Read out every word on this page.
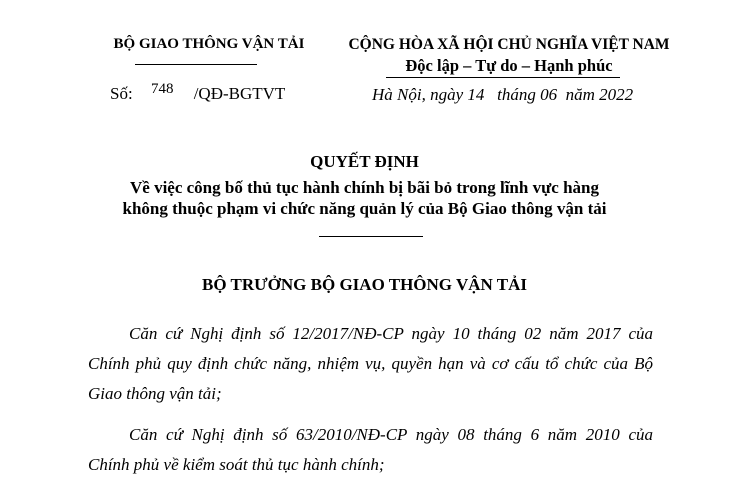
BỘ GIAO THÔNG VẬN TẢI
Số: 748 /QĐ-BGTVT
CỘNG HÒA XÃ HỘI CHỦ NGHĨA VIỆT NAM
Độc lập – Tự do – Hạnh phúc
Hà Nội, ngày 14   tháng 06  năm 2022
QUYẾT ĐỊNH
Về việc công bố thủ tục hành chính bị bãi bỏ trong lĩnh vực hàng
không thuộc phạm vi chức năng quản lý của Bộ Giao thông vận tải
BỘ TRƯỞNG BỘ GIAO THÔNG VẬN TẢI
Căn cứ Nghị định số 12/2017/NĐ-CP ngày 10 tháng 02 năm 2017 của
Chính phủ quy định chức năng, nhiệm vụ, quyền hạn và cơ cấu tổ chức của Bộ
Giao thông vận tải;
Căn cứ Nghị định số 63/2010/NĐ-CP ngày 08 tháng 6 năm 2010 của
Chính phủ về kiểm soát thủ tục hành chính;
